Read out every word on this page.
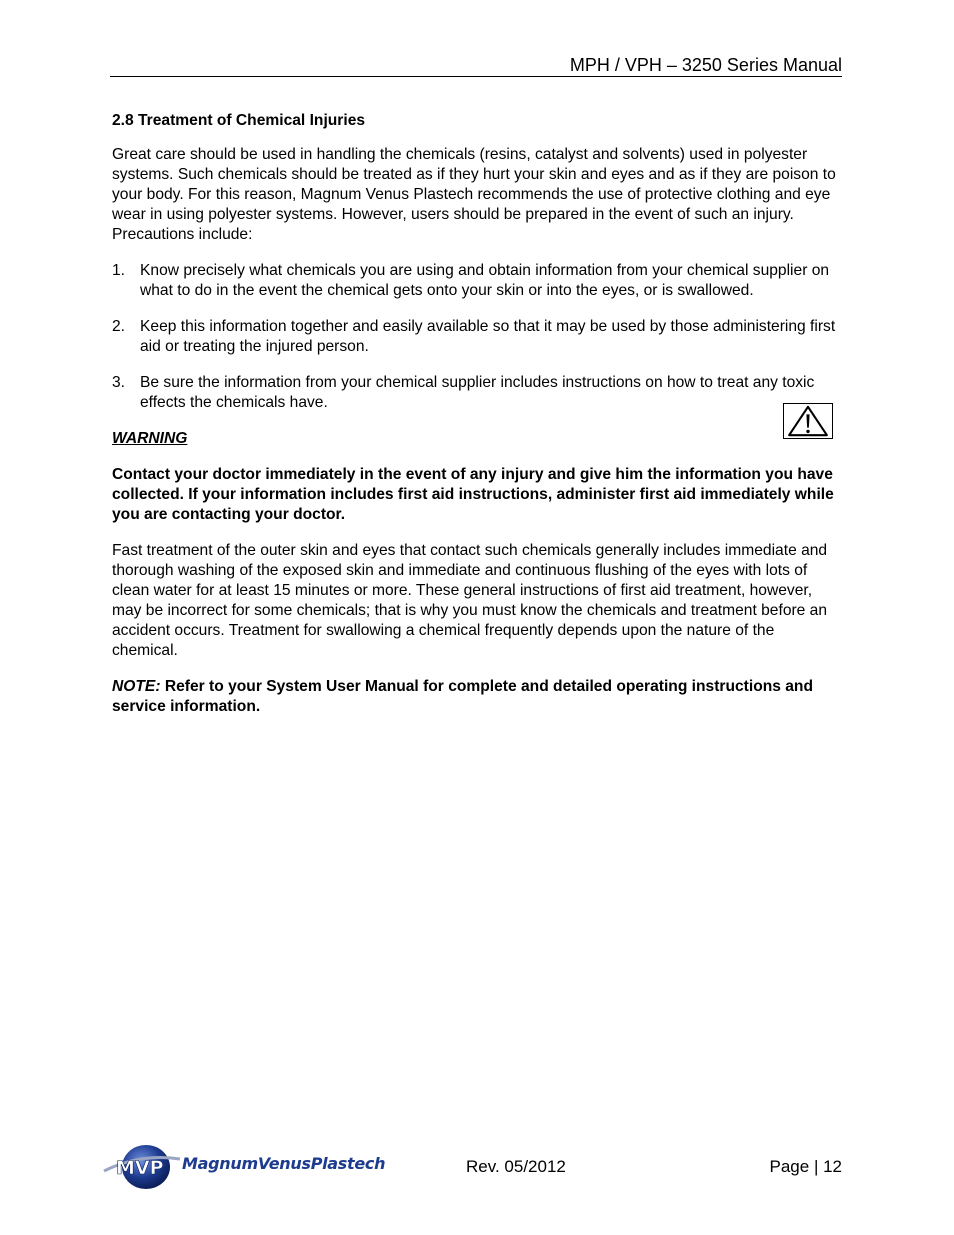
MPH / VPH – 3250 Series Manual
2.8 Treatment of Chemical Injuries

Great care should be used in handling the chemicals (resins, catalyst and solvents) used in polyester systems. Such chemicals should be treated as if they hurt your skin and eyes and as if they are poison to your body. For this reason, Magnum Venus Plastech recommends the use of protective clothing and eye wear in using polyester systems. However, users should be prepared in the event of such an injury. Precautions include:

1. Know precisely what chemicals you are using and obtain information from your chemical supplier on what to do in the event the chemical gets onto your skin or into the eyes, or is swallowed.
2. Keep this information together and easily available so that it may be used by those administering first aid or treating the injured person.
3. Be sure the information from your chemical supplier includes instructions on how to treat any toxic effects the chemicals have.
WARNING

Contact your doctor immediately in the event of any injury and give him the information you have collected. If your information includes first aid instructions, administer first aid immediately while you are contacting your doctor.

Fast treatment of the outer skin and eyes that contact such chemicals generally includes immediate and thorough washing of the exposed skin and immediate and continuous flushing of the eyes with lots of clean water for at least 15 minutes or more. These general instructions of first aid treatment, however, may be incorrect for some chemicals; that is why you must know the chemicals and treatment before an accident occurs. Treatment for swallowing a chemical frequently depends upon the nature of the chemical.

NOTE: Refer to your System User Manual for complete and detailed operating instructions and service information.

MVP MagnumVenusPlastech	Rev. 05/2012	Page | 12
